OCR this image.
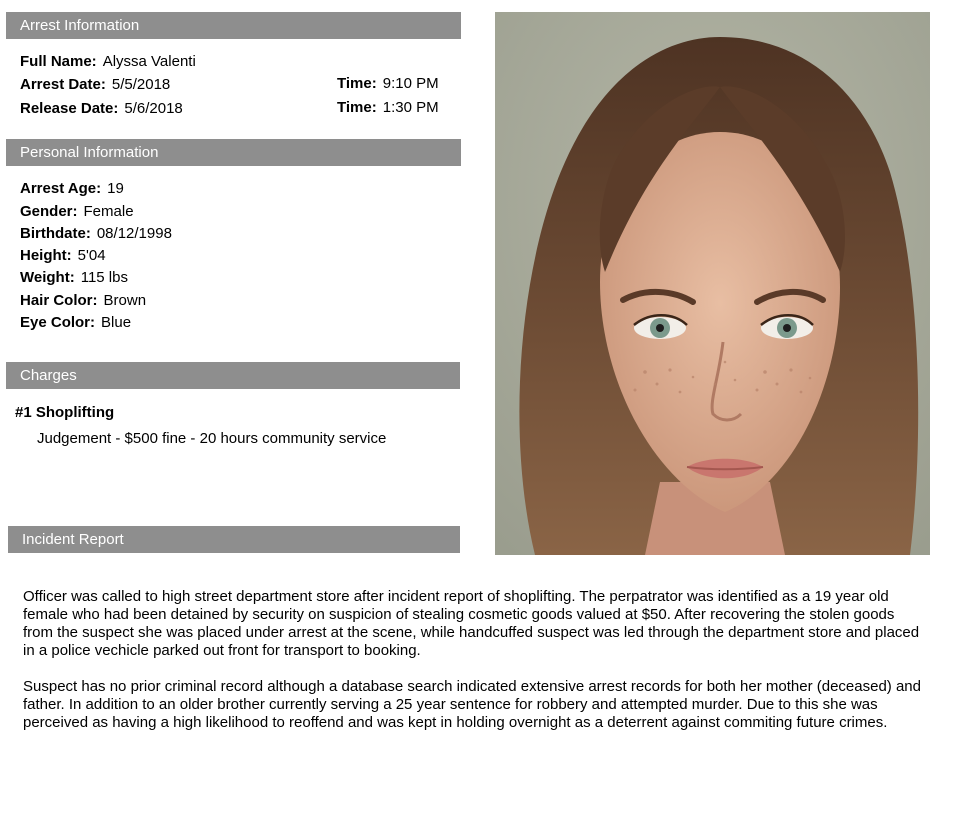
Arrest Information
Full Name: Alyssa Valenti
Arrest Date: 5/5/2018	Time: 9:10 PM
Release Date: 5/6/2018	Time: 1:30 PM
Personal Information
Arrest Age: 19
Gender: Female
Birthdate: 08/12/1998
Height: 5'04
Weight: 115 lbs
Hair Color: Brown
Eye Color: Blue
Charges
#1 Shoplifting
Judgement - $500 fine - 20 hours community service
Incident Report
Officer was called to high street department store after incident report of shoplifting. The perpatrator was identified as a 19 year old female who had been detained by security on suspicion of stealing cosmetic goods valued at $50. After recovering the stolen goods from the suspect she was placed under arrest at the scene, while handcuffed suspect was led through the department store and placed in a police vechicle parked out front for transport to booking.
Suspect has no prior criminal record although a database search indicated extensive arrest records for both her mother (deceased) and father. In addition to an older brother currently serving a 25 year sentence for robbery and attempted murder. Due to this she was perceived as having a high likelihood to reoffend and was kept in holding overnight as a deterrent against commiting future crimes.
